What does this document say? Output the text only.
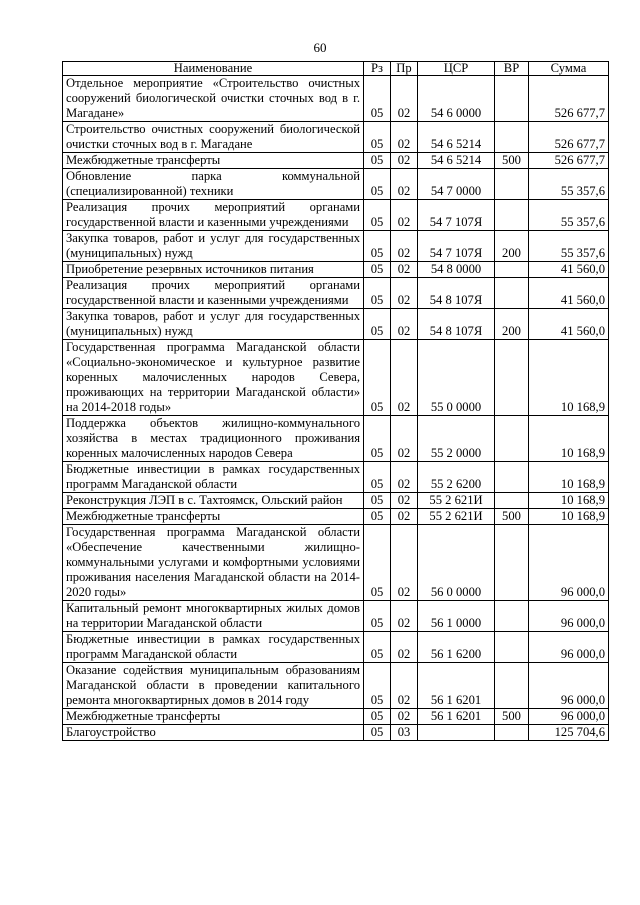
60
Наименование	Рз	Пр	ЦСР	ВР	Сумма
Отдельное мероприятие «Строительство очистных сооружений биологической очистки сточных вод в г. Магадане»	05	02	54 6 0000		526 677,7
Строительство очистных сооружений биологической очистки сточных вод в г. Магадане	05	02	54 6 5214		526 677,7
Межбюджетные трансферты	05	02	54 6 5214	500	526 677,7
Обновление парка коммунальной (специализированной) техники	05	02	54 7 0000		55 357,6
Реализация прочих мероприятий органами государственной власти и казенными учреждениями	05	02	54 7 107Я		55 357,6
Закупка товаров, работ и услуг для государственных (муниципальных) нужд	05	02	54 7 107Я	200	55 357,6
Приобретение резервных источников питания	05	02	54 8 0000		41 560,0
Реализация прочих мероприятий органами государственной власти и казенными учреждениями	05	02	54 8 107Я		41 560,0
Закупка товаров, работ и услуг для государственных (муниципальных) нужд	05	02	54 8 107Я	200	41 560,0
Государственная программа Магаданской области «Социально-экономическое и культурное развитие коренных малочисленных народов Севера, проживающих на территории Магаданской области» на 2014-2018 годы»	05	02	55 0 0000		10 168,9
Поддержка объектов жилищно-коммунального хозяйства в местах традиционного проживания коренных малочисленных народов Севера	05	02	55 2 0000		10 168,9
Бюджетные инвестиции в рамках государственных программ Магаданской области	05	02	55 2 6200		10 168,9
Реконструкция ЛЭП в с. Тахтоямск, Ольский район	05	02	55 2 621И		10 168,9
Межбюджетные трансферты	05	02	55 2 621И	500	10 168,9
Государственная программа Магаданской области «Обеспечение качественными жилищно-коммунальными услугами и комфортными условиями проживания населения Магаданской области на 2014-2020 годы»	05	02	56 0 0000		96 000,0
Капитальный ремонт многоквартирных жилых домов на территории Магаданской области	05	02	56 1 0000		96 000,0
Бюджетные инвестиции в рамках государственных программ Магаданской области	05	02	56 1 6200		96 000,0
Оказание содействия муниципальным образованиям Магаданской области в проведении капитального ремонта многоквартирных домов в 2014 году	05	02	56 1 6201		96 000,0
Межбюджетные трансферты	05	02	56 1 6201	500	96 000,0
Благоустройство	05	03			125 704,6
